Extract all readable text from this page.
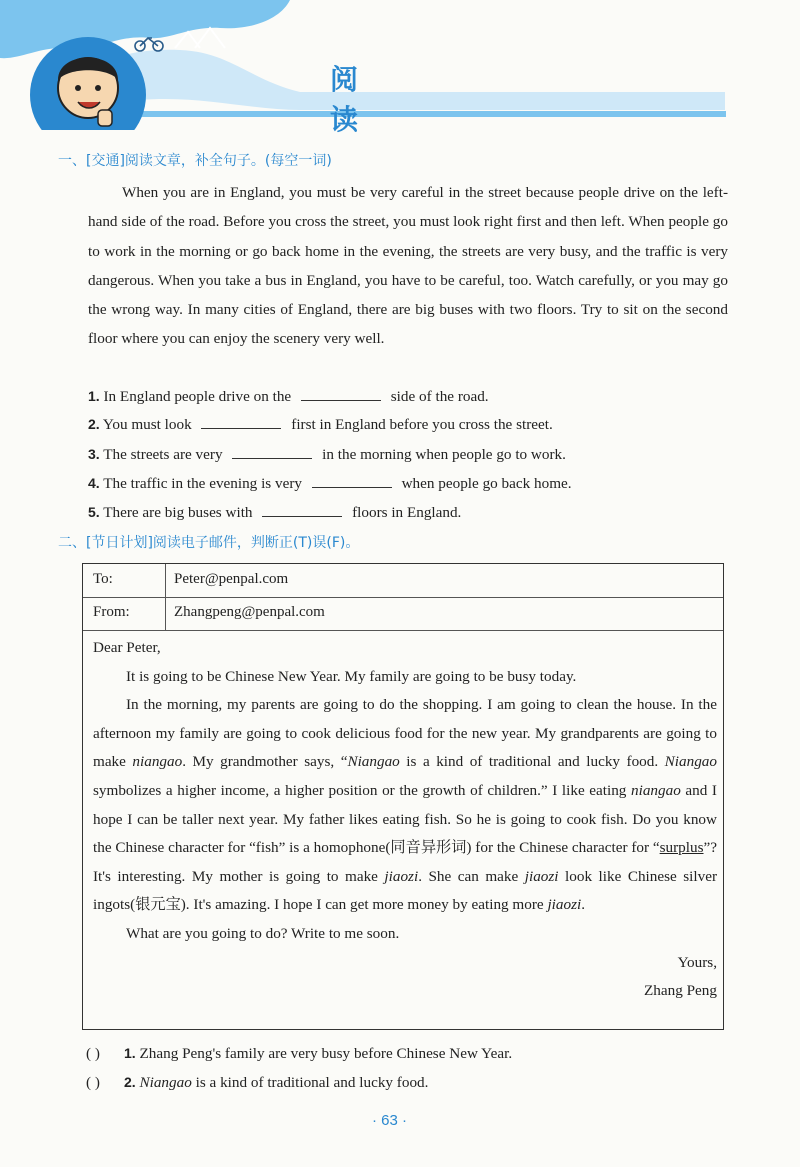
阅 读
一、[交通]阅读文章，补全句子。(每空一词)

When you are in England, you must be very careful in the street because people drive on the left-hand side of the road. Before you cross the street, you must look right first and then left. When people go to work in the morning or go back home in the evening, the streets are very busy, and the traffic is very dangerous. When you take a bus in England, you have to be careful, too. Watch carefully, or you may go the wrong way. In many cities of England, there are big buses with two floors. Try to sit on the second floor where you can enjoy the scenery very well.

1. In England people drive on the	side of the road.
2. You must look	first in England before you cross the street.
3. The streets are very	in the morning when people go to work.
4. The traffic in the evening is very	when people go back home.
5. There are big buses with	floors in England.
二、[节日计划]阅读电子邮件，判断正(T)误(F)。
To:	Peter@penpal.com
From:	Zhangpeng@penpal.com

Dear Peter,

It is going to be Chinese New Year. My family are going to be busy today.

In the morning, my parents are going to do the shopping. I am going to clean the house. In the afternoon my family are going to cook delicious food for the new year. My grandparents are going to make niangao. My grandmother says, “Niangao is a kind of traditional and lucky food. Niangao symbolizes a higher income, a higher position or the growth of children.” I like eating niangao and I hope I can be taller next year. My father likes eating fish. So he is going to cook fish. Do you know the Chinese character for “fish” is a homophone(同音异形词) for the Chinese character for “surplus”? It's interesting. My mother is going to make jiaozi. She can make jiaozi look like Chinese silver ingots(银元宝). It's amazing. I hope I can get more money by eating more jiaozi.

What are you going to do? Write to me soon.

Yours,

Zhang Peng

( ) 1. Zhang Peng's family are very busy before Chinese New Year.
( ) 2. Niangao is a kind of traditional and lucky food.
· 63 ·
